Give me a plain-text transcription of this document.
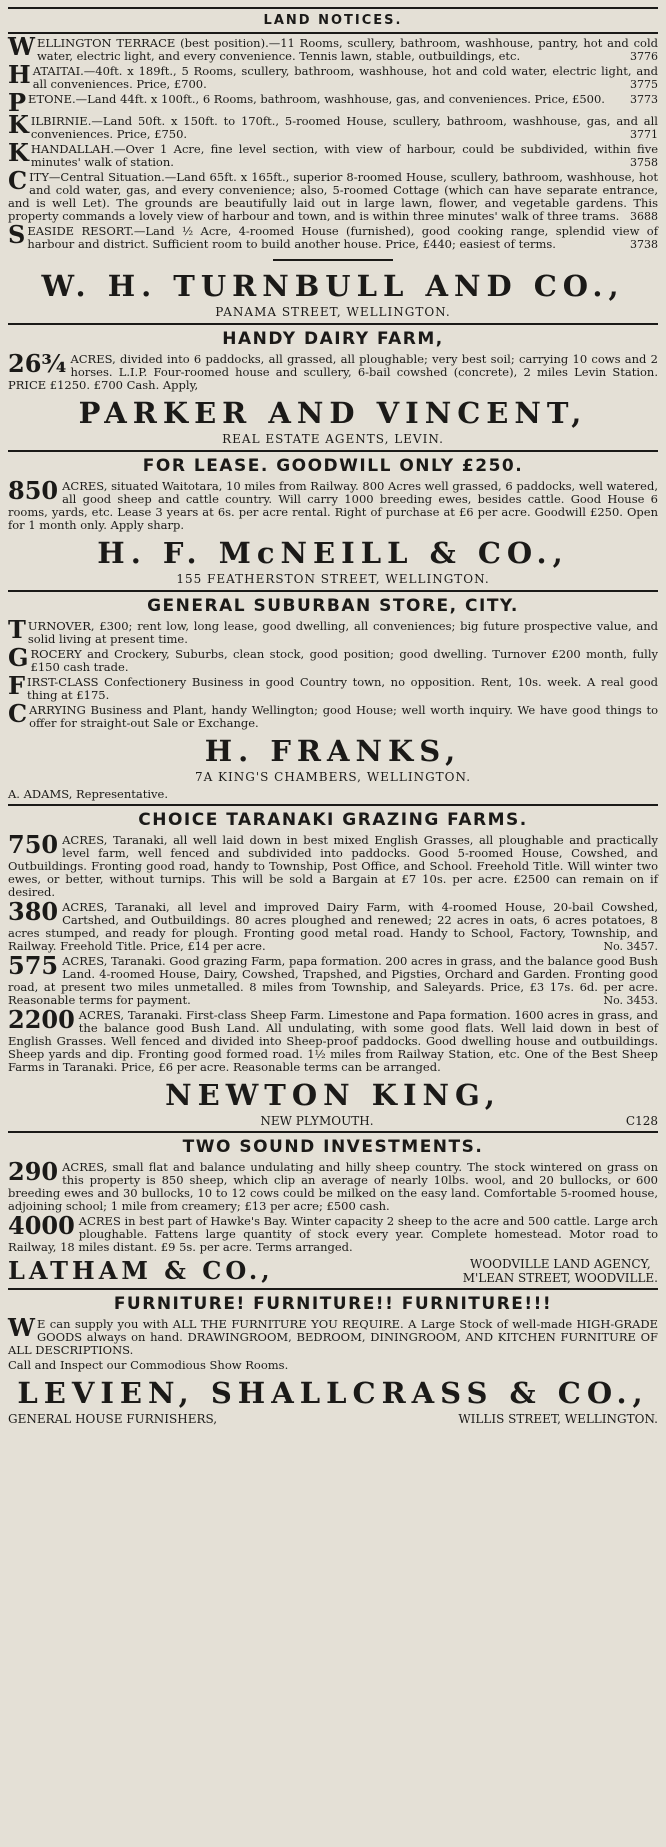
LAND NOTICES.
WELLINGTON TERRACE (best position).—11 Rooms, scullery, bathroom, washhouse, pantry, hot and cold water, electric light, and every convenience. Tennis lawn, stable, outbuildings, etc.	3776
HATAITAI.—40ft. x 189ft., 5 Rooms, scullery, bathroom, washhouse, hot and cold water, electric light, and all conveniences. Price, £700.	3775
PETONE.—Land 44ft. x 100ft., 6 Rooms, bathroom, washhouse, gas, and conveniences. Price, £500. 3773
KILBIRNIE.—Land 50ft. x 150ft. to 170ft., 5-roomed House, scullery, bathroom, washhouse, gas, and all conveniences. Price, £750.	3771
KHANDALLAH.—Over 1 Acre, fine level section, with view of harbour, could be subdivided, within five minutes' walk of station.	3758
CITY—Central Situation.—Land 65ft. x 165ft., superior 8-roomed House, scullery, bathroom, washhouse, hot and cold water, gas, and every convenience; also, 5-roomed Cottage (which can have separate entrance, and is well Let). The grounds are beautifully laid out in large lawn, flower, and vegetable gardens. This property commands a lovely view of harbour and town, and is within three minutes' walk of three trams. 3688
SEASIDE RESORT.—Land ½ Acre, 4-roomed House (furnished), good cooking range, splendid view of harbour and district. Sufficient room to build another house. Price, £440; easiest of terms.	3738
W. H. TURNBULL AND CO.,
PANAMA STREET, WELLINGTON.
HANDY DAIRY FARM,
26¾ ACRES, divided into 6 paddocks, all grassed, all ploughable; very best soil; carrying 10 cows and 2 horses. L.I.P. Four-roomed house and scullery, 6-bail cowshed (concrete), 2 miles Levin Station. PRICE £1250. £700 Cash. Apply,
PARKER AND VINCENT,
REAL ESTATE AGENTS, LEVIN.
FOR LEASE. GOODWILL ONLY £250.
850 ACRES, situated Waitotara, 10 miles from Railway. 800 Acres well grassed, 6 paddocks, well watered, all good sheep and cattle country. Will carry 1000 breeding ewes, besides cattle. Good House 6 rooms, yards, etc. Lease 3 years at 6s. per acre rental. Right of purchase at £6 per acre. Goodwill £250. Open for 1 month only. Apply sharp.
H. F. McNEILL & CO.,
155 FEATHERSTON STREET, WELLINGTON.
GENERAL SUBURBAN STORE, CITY.
TURNOVER, £300; rent low, long lease, good dwelling, all conveniences; big future prospective value, and solid living at present time.
GROCERY and Crockery, Suburbs, clean stock, good position; good dwelling. Turnover £200 month, fully £150 cash trade.
FIRST-CLASS Confectionery Business in good Country town, no opposition. Rent, 10s. week. A real good thing at £175.
CARRYING Business and Plant, handy Wellington; good House; well worth inquiry. We have good things to offer for straight-out Sale or Exchange.
H. FRANKS,
7A KING'S CHAMBERS, WELLINGTON.
A. ADAMS, Representative.
CHOICE TARANAKI GRAZING FARMS.
750 ACRES, Taranaki, all well laid down in best mixed English Grasses, all ploughable and practically level farm, well fenced and subdivided into paddocks. Good 5-roomed House, Cowshed, and Outbuildings. Fronting good road, handy to Township, Post Office, and School. Freehold Title. Will winter two ewes, or better, without turnips. This will be sold a Bargain at £7 10s. per acre. £2500 can remain on if desired.
380 ACRES, Taranaki, all level and improved Dairy Farm, with 4-roomed House, 20-bail Cowshed, Cartshed, and Outbuildings. 80 acres ploughed and renewed; 22 acres in oats, 6 acres potatoes, 8 acres stumped, and ready for plough. Fronting good metal road. Handy to School, Factory, Township, and Railway. Freehold Title. Price, £14 per acre.	No. 3457.
575 ACRES, Taranaki. Good grazing Farm, papa formation. 200 acres in grass, and the balance good Bush Land. 4-roomed House, Dairy, Cowshed, Trapshed, and Pigsties, Orchard and Garden. Fronting good road, at present two miles unmetalled. 8 miles from Township, and Saleyards. Price, £3 17s. 6d. per acre. Reasonable terms for payment.	No. 3453.
2200 ACRES, Taranaki. First-class Sheep Farm. Limestone and Papa formation. 1600 acres in grass, and the balance good Bush Land. All undulating, with some good flats. Well laid down in best of English Grasses. Well fenced and divided into Sheep-proof paddocks. Good dwelling house and outbuildings. Sheep yards and dip. Fronting good formed road. 1½ miles from Railway Station, etc. One of the Best Sheep Farms in Taranaki. Price, £6 per acre. Reasonable terms can be arranged.
NEWTON KING,
NEW PLYMOUTH.	C128
TWO SOUND INVESTMENTS.
290 ACRES, small flat and balance undulating and hilly sheep country. The stock wintered on grass on this property is 850 sheep, which clip an average of nearly 10lbs. wool, and 20 bullocks, or 600 breeding ewes and 30 bullocks, 10 to 12 cows could be milked on the easy land. Comfortable 5-roomed house, adjoining school; 1 mile from creamery; £13 per acre; £500 cash.
4000 ACRES in best part of Hawke's Bay. Winter capacity 2 sheep to the acre and 500 cattle. Large arch ploughable. Fattens large quantity of stock every year. Complete homestead. Motor road to Railway, 18 miles distant. £9 5s. per acre. Terms arranged.
LATHAM & CO.,	WOODVILLE LAND AGENCY,
M'LEAN STREET, WOODVILLE.
FURNITURE! FURNITURE!! FURNITURE!!!
W E can supply you with ALL THE FURNITURE YOU REQUIRE. A Large Stock of well-made HIGH-GRADE GOODS always on hand. DRAWINGROOM, BEDROOM, DININGROOM, AND KITCHEN FURNITURE OF ALL DESCRIPTIONS.
Call and Inspect our Commodious Show Rooms.
LEVIEN, SHALLCRASS & CO.,
GENERAL HOUSE FURNISHERS,	WILLIS STREET, WELLINGTON.
